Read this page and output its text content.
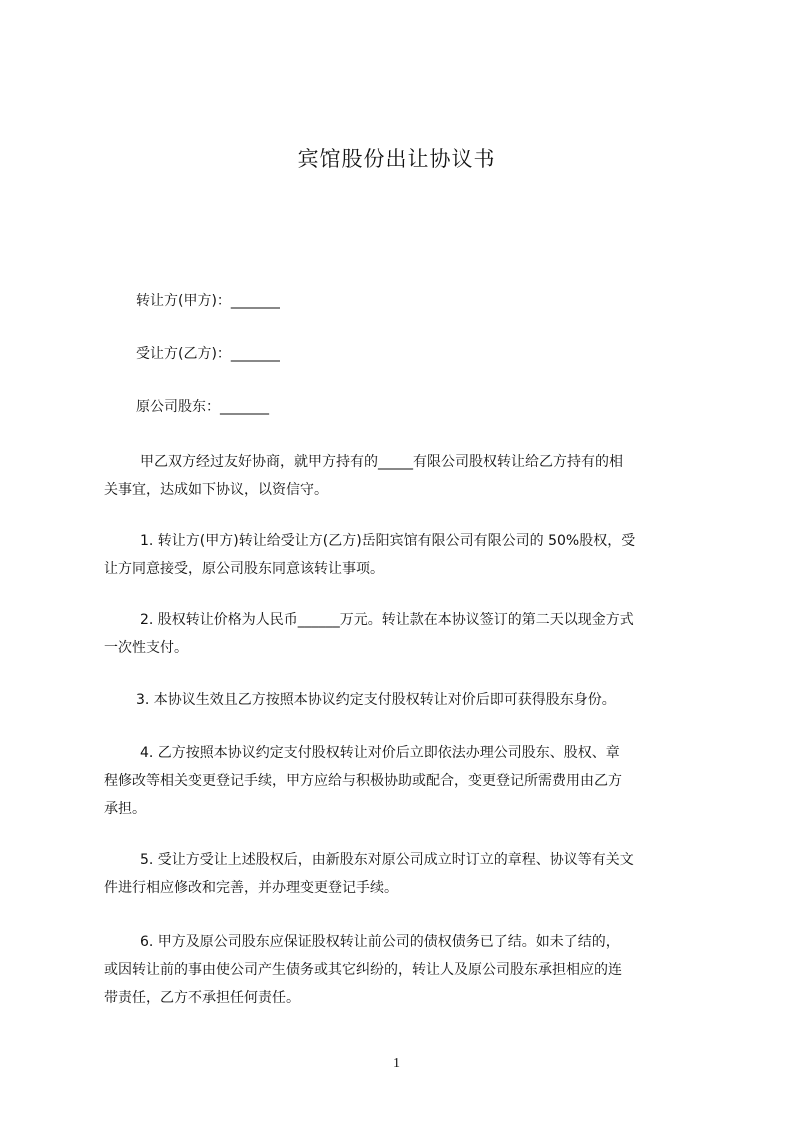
宾馆股份出让协议书
转让方(甲方)：_______
受让方(乙方)：_______
原公司股东：_______
甲乙双方经过友好协商，就甲方持有的_____有限公司股权转让给乙方持有的相
关事宜，达成如下协议，以资信守。
1. 转让方(甲方)转让给受让方(乙方)岳阳宾馆有限公司有限公司的 50%股权，受
让方同意接受，原公司股东同意该转让事项。
2. 股权转让价格为人民币______万元。转让款在本协议签订的第二天以现金方式
一次性支付。
3. 本协议生效且乙方按照本协议约定支付股权转让对价后即可获得股东身份。
4. 乙方按照本协议约定支付股权转让对价后立即依法办理公司股东、股权、章
程修改等相关变更登记手续，甲方应给与积极协助或配合，变更登记所需费用由乙方
承担。
5. 受让方受让上述股权后，由新股东对原公司成立时订立的章程、协议等有关文
件进行相应修改和完善，并办理变更登记手续。
6. 甲方及原公司股东应保证股权转让前公司的债权债务已了结。如未了结的，
或因转让前的事由使公司产生债务或其它纠纷的，转让人及原公司股东承担相应的连
带责任，乙方不承担任何责任。
1
